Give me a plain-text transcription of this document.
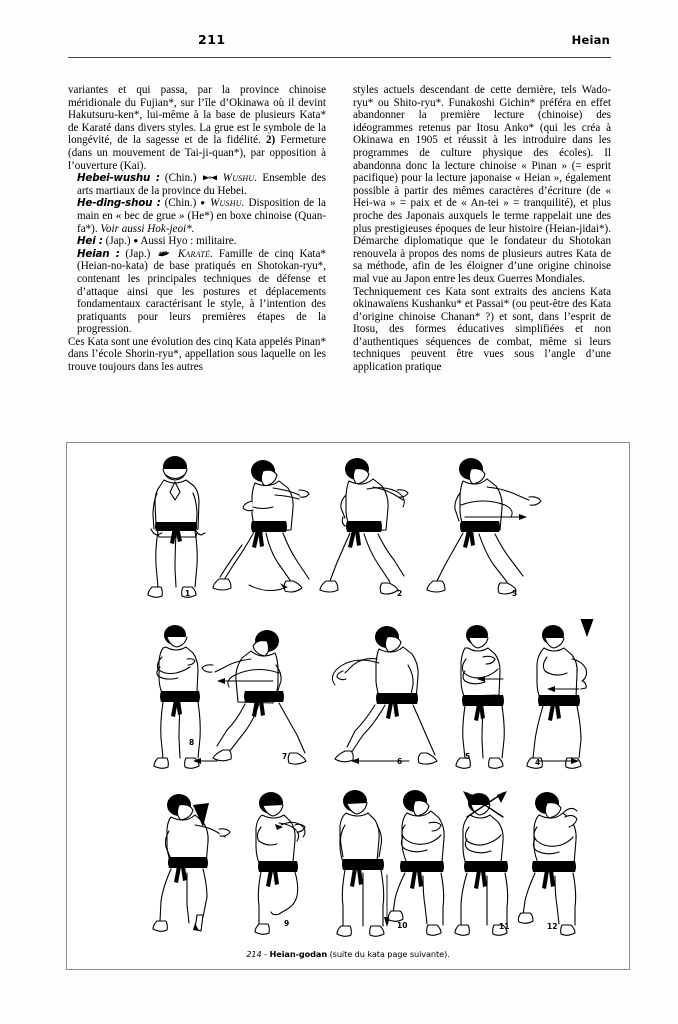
211	Heian

variantes et qui passa, par la province chinoise méridionale du Fujian*, sur l’île d’Okinawa où il devint Hakutsuru-ken*, lui-même à la base de plusieurs Kata* de Karaté dans divers styles. La grue est le symbole de la longévité, de la sagesse et de la fidélité. 2) Fermeture (dans un mouvement de Tai-ji-quan*), par opposition à l’ouverture (Kai).

Hebei-wushu : (Chin.) Wushu. Ensemble des arts martiaux de la province du Hebei.

He-ding-shou : (Chin.) ● Wushu. Disposition de la main en « bec de grue » (He*) en boxe chinoise (Quan-fa*). Voir aussi Hok-jeoi*.

Hei : (Jap.) ● Aussi Hyo : militaire.

Heian : (Jap.) Karaté. Famille de cinq Kata* (Heian-no-kata) de base pratiqués en Shotokan-ryu*, contenant les principales techniques de défense et d’attaque ainsi que les postures et déplacements fondamentaux caractérisant le style, à l’intention des pratiquants pour leurs premières étapes de la progression.

Ces Kata sont une évolution des cinq Kata appelés Pinan* dans l’école Shorin-ryu*, appellation sous laquelle on les trouve toujours dans les autres

styles actuels descendant de cette dernière, tels Wado-ryu* ou Shito-ryu*. Funakoshi Gichin* préféra en effet abandonner la première lecture (chinoise) des idéogrammes retenus par Itosu Anko* (qui les créa à Okinawa en 1905 et réussit à les introduire dans les programmes de culture physique des écoles). Il abandonna donc la lecture chinoise « Pinan » (= esprit pacifique) pour la lecture japonaise « Heian », également possible à partir des mêmes caractères d’écriture (de « Hei-wa » = paix et de « An-tei » = tranquilité), et plus proche des Japonais auxquels le terme rappelait une des plus prestigieuses époques de leur histoire (Heian-jidai*). Démarche diplomatique que le fondateur du Shotokan renouvela à propos des noms de plusieurs autres Kata de sa méthode, afin de les éloigner d’une origine chinoise mal vue au Japon entre les deux Guerres Mondiales.

Techniquement ces Kata sont extraits des anciens Kata okinawaïens Kushanku* et Passai* (ou peut-être des Kata d’origine chinoise Chanan* ?) et sont, dans l’esprit de Itosu, des formes éducatives simplifiées et non d’authentiques séquences de combat, même si leurs techniques peuvent être vues sous l’angle d’une application pratique

1	2	3
8
7
6
5
4
9	10	11	12
214 - Heian-godan (suite du kata page suivante).
